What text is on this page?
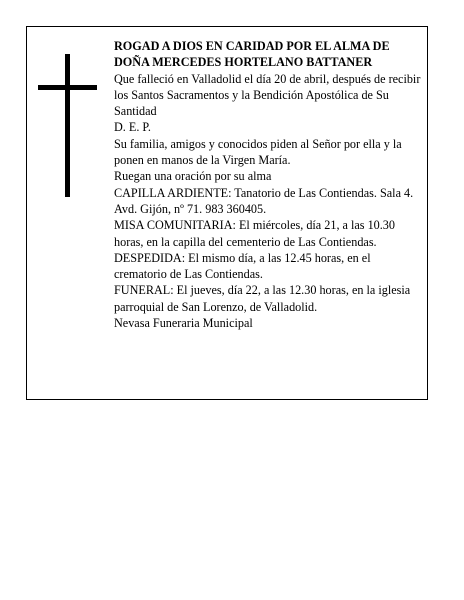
ROGAD A DIOS EN CARIDAD POR EL ALMA DE

DOÑA MERCEDES HORTELANO BATTANER

Que falleció en Valladolid el día 20 de abril, después de recibir los Santos Sacramentos y la Bendición Apostólica de Su Santidad

D. E. P.

Su familia, amigos y conocidos piden al Señor por ella y la ponen en manos de la Virgen María.

Ruegan una oración por su alma

CAPILLA ARDIENTE: Tanatorio de Las Contiendas. Sala 4. Avd. Gijón, nº 71. 983 360405.

MISA COMUNITARIA: El miércoles, día 21, a las 10.30 horas, en la capilla del cementerio de Las Contiendas.

DESPEDIDA: El mismo día, a las 12.45 horas, en el crematorio de Las Contiendas.

FUNERAL: El jueves, día 22, a las 12.30 horas, en la iglesia parroquial de San Lorenzo, de Valladolid.

Nevasa Funeraria Municipal
